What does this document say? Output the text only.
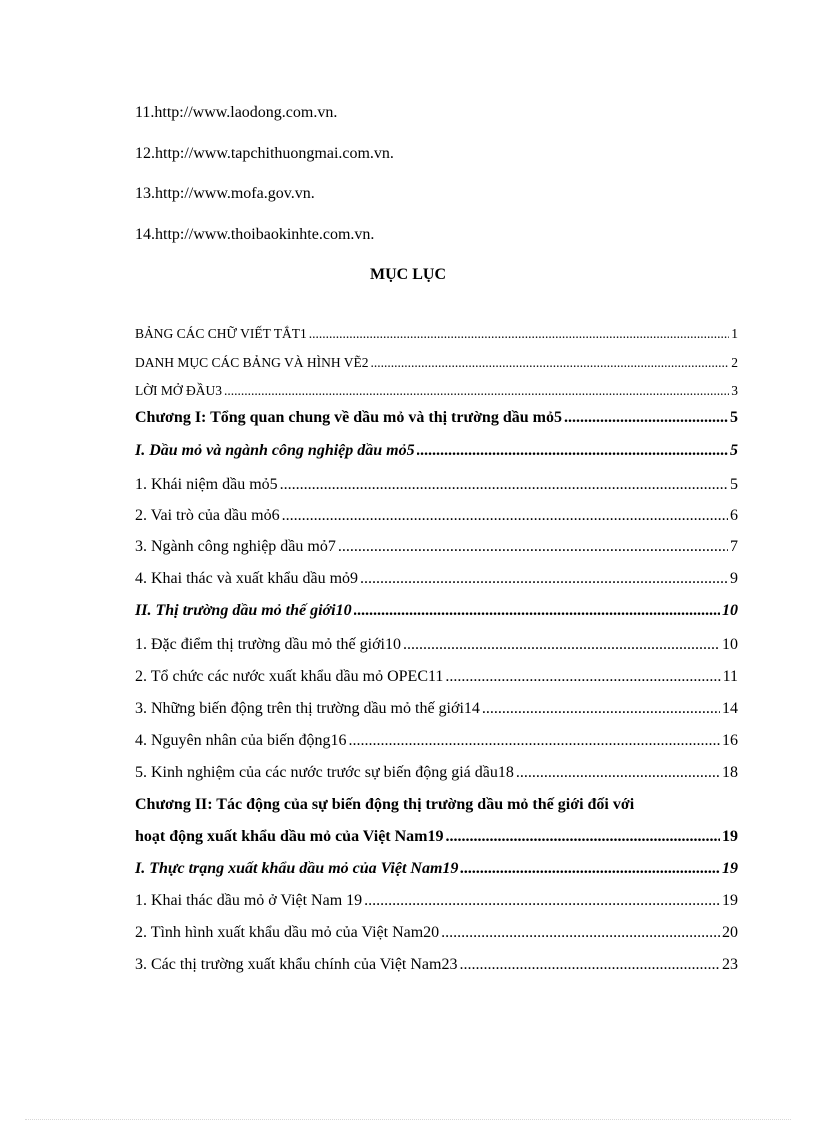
11.http://www.laodong.com.vn.
12.http://www.tapchithuongmai.com.vn.
13.http://www.mofa.gov.vn.
14.http://www.thoibaokinhte.com.vn.
MỤC LỤC
BẢNG CÁC CHỮ VIẾT TẮT1 .....	1
DANH MỤC CÁC BẢNG VÀ HÌNH VẼ2 .....	2
LỜI MỞ ĐẦU3 .....	3
Chương I: Tổng quan chung về dầu mỏ và thị trường dầu mỏ5 .....	5
I. Dầu mỏ và ngành công nghiệp dầu mỏ5 .....	5
1. Khái niệm dầu mỏ5 .....	5
2. Vai trò của dầu mỏ6 .....	6
3. Ngành công nghiệp dầu mỏ7 .....	7
4. Khai thác và xuất khẩu dầu mỏ9 .....	9
II. Thị trường dầu mỏ thế giới10 .....	10
1. Đặc điểm thị trường dầu mỏ thế giới10 .....	10
2. Tổ chức các nước xuất khẩu dầu mỏ OPEC11 .....	11
3. Những biến động trên thị trường dầu mỏ thế giới14 .....	14
4. Nguyên nhân của biến động16 .....	16
5. Kinh nghiệm của các nước trước sự biến động giá dầu18 .....	18
Chương II: Tác động của sự biến động thị trường dầu mỏ thế giới đối với
hoạt động xuất khẩu dầu mỏ của Việt Nam19 .....	19
I. Thực trạng xuất khẩu dầu mỏ của Việt Nam19 .....	19
1. Khai thác dầu mỏ ở Việt Nam 19 .....	19
2. Tình hình xuất khẩu dầu mỏ của Việt Nam20 .....	20
3. Các thị trường xuất khẩu chính của Việt Nam23 .....	23
